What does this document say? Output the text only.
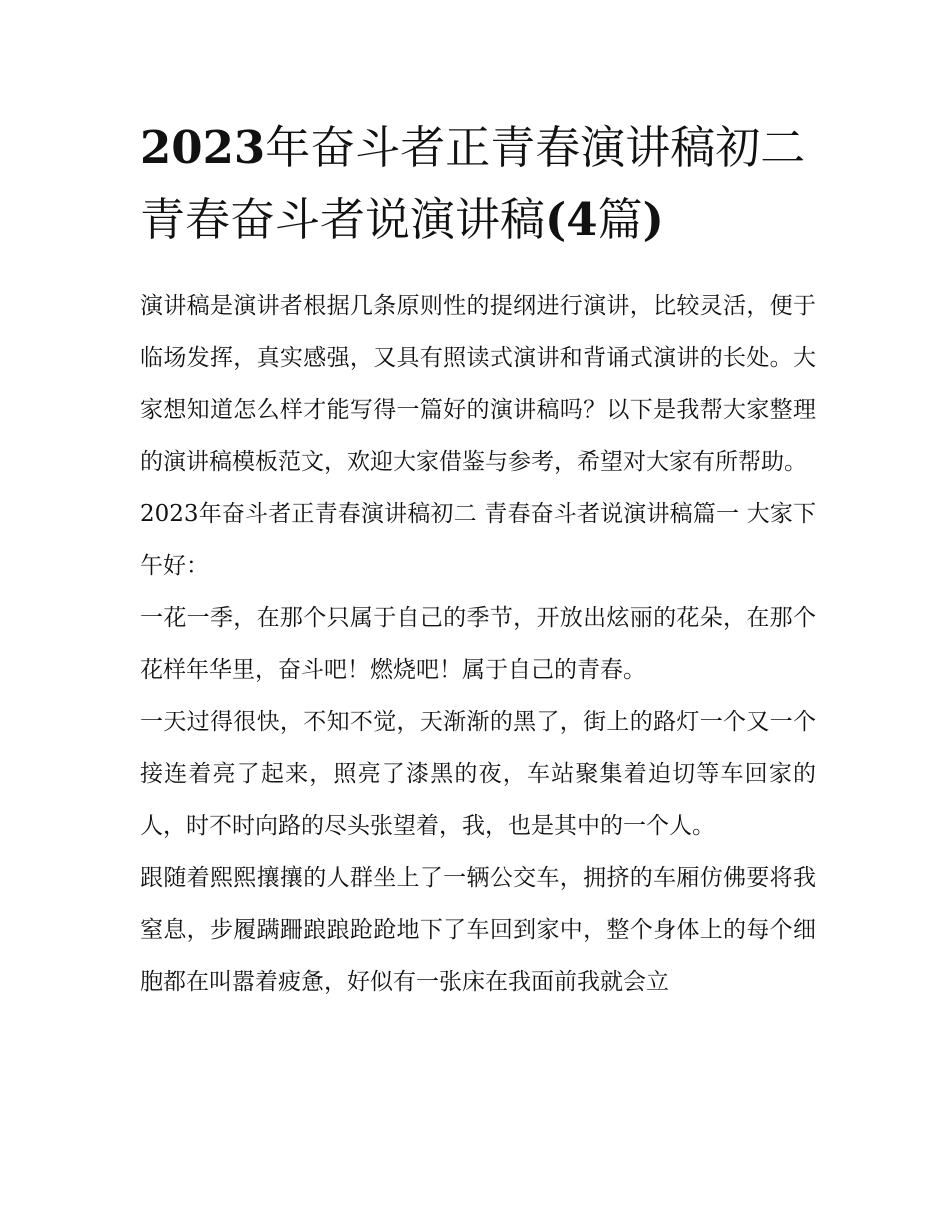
2023年奋斗者正青春演讲稿初二 青春奋斗者说演讲稿(4篇)

演讲稿是演讲者根据几条原则性的提纲进行演讲，比较灵活，便于临场发挥，真实感强，又具有照读式演讲和背诵式演讲的长处。大家想知道怎么样才能写得一篇好的演讲稿吗？以下是我帮大家整理的演讲稿模板范文，欢迎大家借鉴与参考，希望对大家有所帮助。

2023年奋斗者正青春演讲稿初二 青春奋斗者说演讲稿篇一 大家下午好：

一花一季，在那个只属于自己的季节，开放出炫丽的花朵，在那个花样年华里，奋斗吧！燃烧吧！属于自己的青春。

一天过得很快，不知不觉，天渐渐的黑了，街上的路灯一个又一个接连着亮了起来，照亮了漆黑的夜，车站聚集着迫切等车回家的人，时不时向路的尽头张望着，我，也是其中的一个人。

跟随着熙熙攘攘的人群坐上了一辆公交车，拥挤的车厢仿佛要将我窒息，步履蹒跚踉踉跄跄地下了车回到家中，整个身体上的每个细胞都在叫嚣着疲惫，好似有一张床在我面前我就会立
